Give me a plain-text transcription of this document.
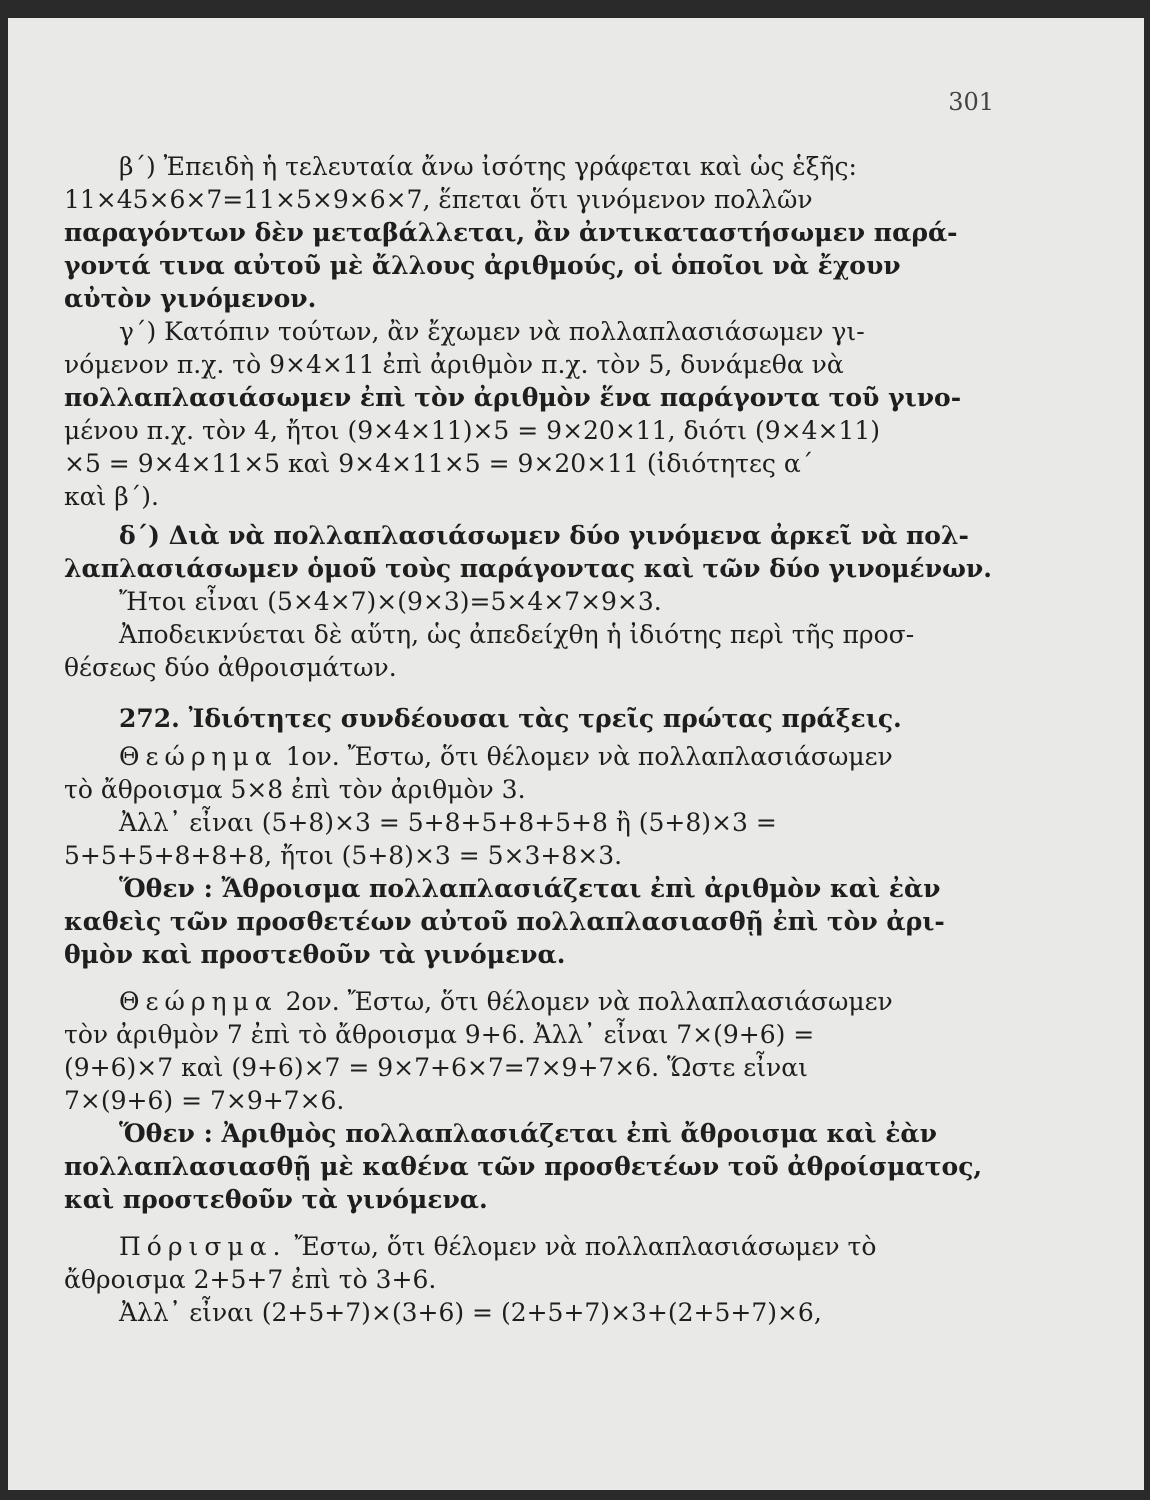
301

β΄) Ἐπειδὴ ἡ τελευταία ἄνω ἰσότης γράφεται καὶ ὡς ἑξῆς:
11×45×6×7=11×5×9×6×7, ἕπεται ὅτι γινόμενον πολλῶν
παραγόντων δὲν μεταβάλλεται, ἂν ἀντικαταστήσωμεν παρά-
γοντά τινα αὐτοῦ μὲ ἄλλους ἀριθμούς, οἱ ὁποῖοι νὰ ἔχουν
αὐτὸν γινόμενον.

γ΄) Κατόπιν τούτων, ἂν ἔχωμεν νὰ πολλαπλασιάσωμεν γι-
νόμενον π.χ. τὸ 9×4×11 ἐπὶ ἀριθμὸν π.χ. τὸν 5, δυνάμεθα νὰ
πολλαπλασιάσωμεν ἐπὶ τὸν ἀριθμὸν ἕνα παράγοντα τοῦ γινο-
μένου π.χ. τὸν 4, ἤτοι (9×4×11)×5 = 9×20×11, διότι (9×4×11)
×5 = 9×4×11×5 καὶ 9×4×11×5 = 9×20×11 (ἰδιότητες α΄
καὶ β΄).

δ΄) Διὰ νὰ πολλαπλασιάσωμεν δύο γινόμενα ἀρκεῖ νὰ πολ-
λαπλασιάσωμεν ὁμοῦ τοὺς παράγοντας καὶ τῶν δύο γινομένων.
Ἤτοι εἶναι (5×4×7)×(9×3)=5×4×7×9×3.
Ἀποδεικνύεται δὲ αὕτη, ὡς ἀπεδείχθη ἡ ἰδιότης περὶ τῆς προσ-
θέσεως δύο ἀθροισμάτων.

272. Ἰδιότητες συνδέουσαι τὰς τρεῖς πρώτας πράξεις.

Θεώρημα 1ον. Ἔστω, ὅτι θέλομεν νὰ πολλαπλασιάσωμεν
τὸ ἄθροισμα 5×8 ἐπὶ τὸν ἀριθμὸν 3.
Ἀλλ᾽ εἶναι (5+8)×3 = 5+8+5+8+5+8 ἢ (5+8)×3 =
5+5+5+8+8+8, ἤτοι (5+8)×3 = 5×3+8×3.

Ὅθεν : Ἄθροισμα πολλαπλασιάζεται ἐπὶ ἀριθμὸν καὶ ἐὰν
καθεὶς τῶν προσθετέων αὐτοῦ πολλαπλασιασθῇ ἐπὶ τὸν ἀρι-
θμὸν καὶ προστεθοῦν τὰ γινόμενα.

Θεώρημα 2ον. Ἔστω, ὅτι θέλομεν νὰ πολλαπλασιάσωμεν
τὸν ἀριθμὸν 7 ἐπὶ τὸ ἄθροισμα 9+6. Ἀλλ᾽ εἶναι 7×(9+6) =
(9+6)×7 καὶ (9+6)×7 = 9×7+6×7=7×9+7×6. Ὥστε εἶναι
7×(9+6) = 7×9+7×6.

Ὅθεν : Ἀριθμὸς πολλαπλασιάζεται ἐπὶ ἄθροισμα καὶ ἐὰν
πολλαπλασιασθῇ μὲ καθένα τῶν προσθετέων τοῦ ἀθροίσματος,
καὶ προστεθοῦν τὰ γινόμενα.

Πόρισμα. Ἔστω, ὅτι θέλομεν νὰ πολλαπλασιάσωμεν τὸ
ἄθροισμα 2+5+7 ἐπὶ τὸ 3+6.
Ἀλλ᾽ εἶναι (2+5+7)×(3+6) = (2+5+7)×3+(2+5+7)×6,
